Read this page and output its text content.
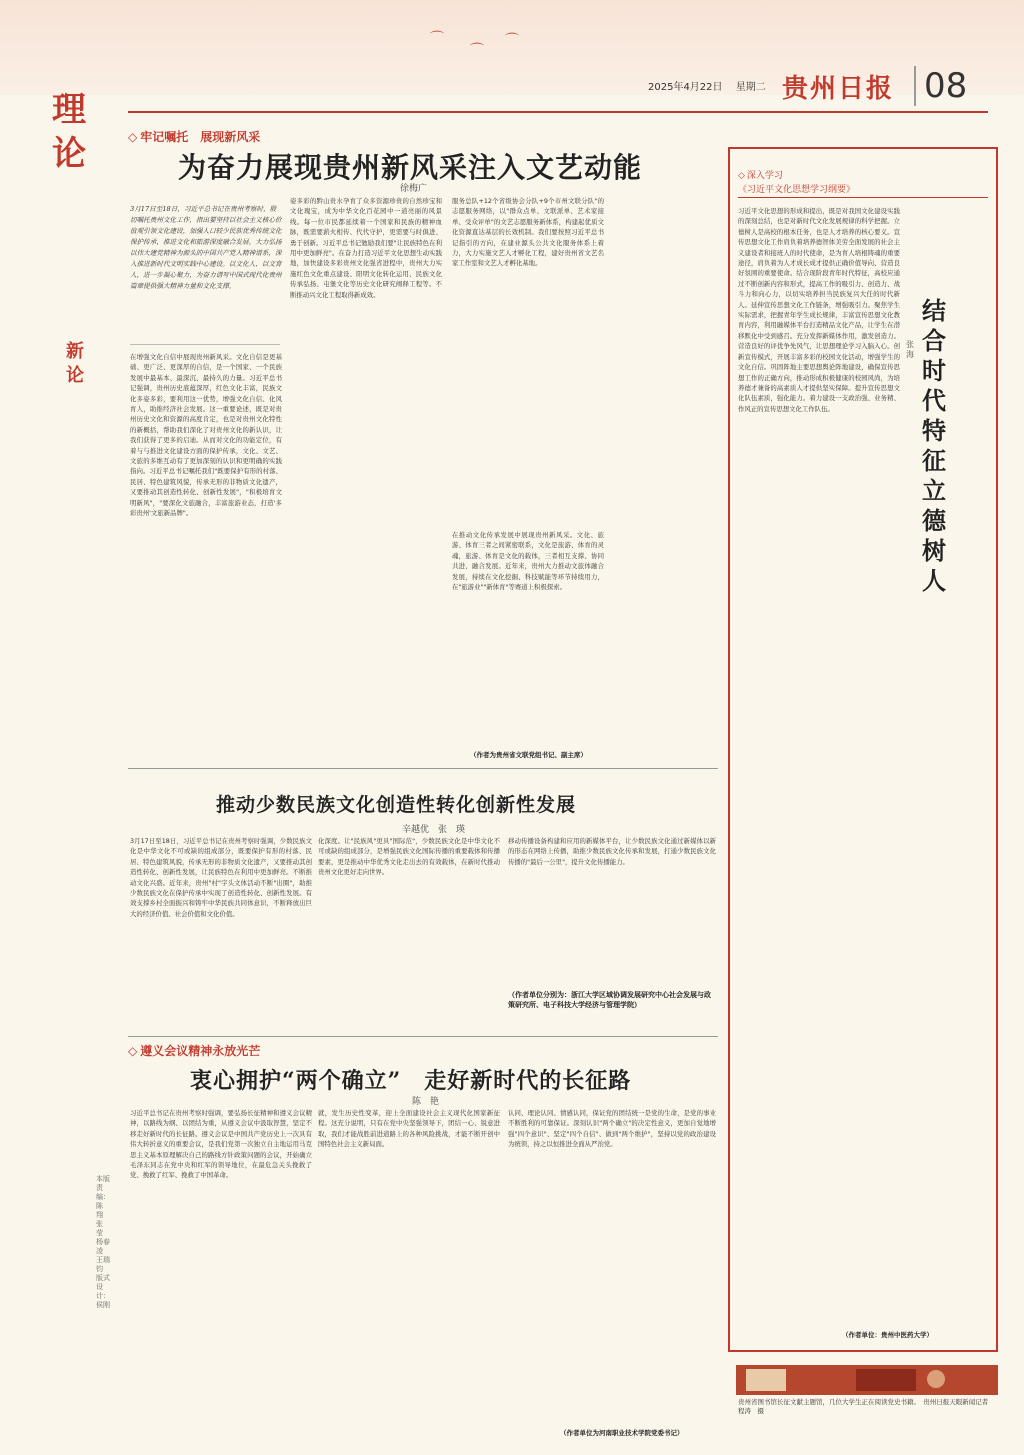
⌒
⌒
⌒
2025年4月22日 星期二 贵州日报 08
理论
新论
本版责编：陈　翔　张　莹　杨春凌　王瑞钧　版式设计：侯刚
◇ 牢记嘱托　展现新风采
为奋力展现贵州新风采注入文艺动能
徐梅广
3月17日至18日，习近平总书记在贵州考察时，殷切嘱托贵州文化工作，指出要坚持以社会主义核心价值观引领文化建设，加强人口较少民族优秀传统文化保护传承，推进文化和旅游深度融合发展。大力弘扬以伟大建党精神为源头的中国共产党人精神谱系，深入推进新时代文明实践中心建设。以文化人、以文育人，进一步凝心聚力，为奋力谱写中国式现代化贵州篇章提供强大精神力量和文化支撑。
在增强文化自信中展现贵州新风采。文化自信是更基础、更广泛、更深厚的自信，是一个国家、一个民族发展中最基本、最深沉、最持久的力量。习近平总书记强调，贵州历史底蕴深厚，红色文化丰富，民族文化多姿多彩，要利用这一优势，增强文化自信、化风育人，助推经济社会发展。这一重要论述，既是对贵州历史文化和资源的高度肯定，也是对贵州文化特性的新概括，帮助我们深化了对贵州文化的新认识，让我们获得了更多的启迪。从而对文化的功能定位，有着与与推进文化建设方面的保护传承，文化、文艺、文旅的多维互动有了更加深刻的认识和更明确的实践指向。习近平总书记嘱托我们"既要保护有形的村落、民居、特色建筑风貌，传承无形的非物质文化遗产，又要推动其创造性转化、创新性发展"，"积极培育文明新风"，"要深化文旅融合，丰富旅游业态，打造'多彩贵州'文旅新品牌"。
姿多彩的黔山贵水孕育了众多资源珍贵的自然珍宝和文化瑰宝，成为中华文化百花园中一道亮丽的风景线。每一位市民都延续着一个国家和民族的精神血脉，既需要薪火相传、代代守护，更需要与时俱进、勇于创新。习近平总书记勉励我们要"让民族特色在利用中更加鲜亮"。在奋力打造习近平文化思想生动实践地，加快建设多彩贵州文化强省进程中，贵州大力实施红色文化重点建设、阳明文化转化运用、民族文化传承弘扬、屯堡文化等历史文化研究阐释工程等。不断推动兴文化工程取得新成效。
服务总队+12个省级协会分队+9个市州文联分队"的志愿服务网络，以"群众点单、文联派单、艺术家接单、受众评单"的文艺志愿服务新体系，构建起优质文化资源直达基层的长效机制。我们要按照习近平总书记指引的方向，在建业源头公共文化服务体系上着力，大力实施文艺人才孵化工程，建好贵州省文艺名家工作室和文艺人才孵化基地。
在推动文化传承发展中展现贵州新风采。文化、旅游、体育三者之间紧密联系，文化是旅游、体育的灵魂，旅游、体育是文化的载体，三者相互支撑、协同共进、融合发展。近年来，贵州大力推动文旅体融合发展，持续在文化挖掘、科技赋能等环节持续用力，在"旅游业""新体育"等赛道上积极探索。
（作者为贵州省文联党组书记、副主席）
推动少数民族文化创造性转化创新性发展
辛越优　张　瑛
3月17日至18日，习近平总书记在贵州考察时强调，少数民族文化是中华文化不可或缺的组成部分，既要保护有形的村落、民居、特色建筑风貌，传承无形的非物质文化遗产，又要推动其创造性转化、创新性发展，让民族特色在利用中更加鲜亮。不断推动文化兴盛。近年来，贵州"村"字头文体活动不断"出圈"，助推少数民族文化在保护传承中实现了创造性转化、创新性发展。有效支撑乡村全面振兴和铸牢中华民族共同体意识，不断释放出巨大的经济价值、社会价值和文化价值。
化深度。让"民族风"更具"国际范"，少数民族文化是中华文化不可或缺的组成部分，是增强民族文化国际传播的重要载体和传播要素，更是推动中华优秀文化走出去的有效载体，在新时代推动贵州文化更好走向世界。
移动传播设备构建和应用的新媒体平台，让少数民族文化通过新媒体以新的形态在网络上传播，助推少数民族文化传承和发展，打通少数民族文化传播的"最后一公里"，提升文化传播能力。
（作者单位分别为：浙江大学区域协调发展研究中心社会发展与政策研究所、电子科技大学经济与管理学院）
◇ 遵义会议精神永放光芒
衷心拥护“两个确立”　走好新时代的长征路
陈　艳
习近平总书记在贵州考察时强调，要弘扬长征精神和遵义会议精神，以路线为纲、以团结为重，从遵义会议中汲取智慧，坚定不移走好新时代的长征路。遵义会议是中国共产党历史上一次具有伟大转折意义的重要会议，是我们党第一次独立自主地运用马克思主义基本原理解决自己的路线方针政策问题的会议，开始确立毛泽东同志在党中央和红军的领导地位，在最危急关头挽救了党、挽救了红军、挽救了中国革命。
就，发生历史性变革，迎上全面建设社会主义现代化国家新征程。这充分说明，只有在党中央坚强领导下，团结一心、锐意进取，我们才能战胜前进道路上的各种风险挑战，才能不断开创中国特色社会主义新局面。
认同、理论认同、情感认同，保证党的团结统一是党的生命，是党的事业不断胜利的可靠保证。深刻认识"两个确立"的决定性意义，更加自觉地增强"四个意识"、坚定"四个自信"、做到"两个维护"，坚持以党的政治建设为统领，持之以恒推进全面从严治党。
（作者单位为河南职业技术学院党委书记）
◇ 深入学习
《习近平文化思想学习纲要》
结合时代特征立德树人
张 海
习近平文化思想的形成和提出，既是对我国文化建设实践的深刻总结，也是对新时代文化发展规律的科学把握。立德树人是高校的根本任务，也是人才培养的核心要义。宣传思想文化工作肩负着培养德智体美劳全面发展的社会主义建设者和接班人的时代使命，是为育人培根铸魂的重要途径，肩负着为人才成长成才提供正确价值导向、营造良好氛围的重要使命。结合现阶段青年时代特征，高校应通过不断创新内容和形式，提高工作的吸引力、创造力、战斗力和向心力，以切实培养担当民族复兴大任的时代新人。延伸宣传思想文化工作链条，增强吸引力。聚焦学生实际需求，把握青年学生成长规律，丰富宣传思想文化教育内容，利用融媒体平台打造精品文化产品，让学生在潜移默化中受到感召。充分发挥新媒体作用，激发创造力。营造良好的评优争先风气，让思想理论学习入脑入心。创新宣传模式，开展丰富多彩的校园文化活动，增强学生的文化自信。巩固阵地主要思想舆论阵地建设，确保宣传思想工作的正确方向，推动形成积极健康的校园风尚，为培养德才兼备的高素质人才提供坚实保障。提升宣传思想文化队伍素质，强化能力。着力建设一支政治强、业务精、作风正的宣传思想文化工作队伍。
（作者单位：贵州中医药大学）
贵州省图书馆长征文献主题馆，几位大学生正在阅读党史书籍。　贵州日报天眼新闻记者　程涛　摄
